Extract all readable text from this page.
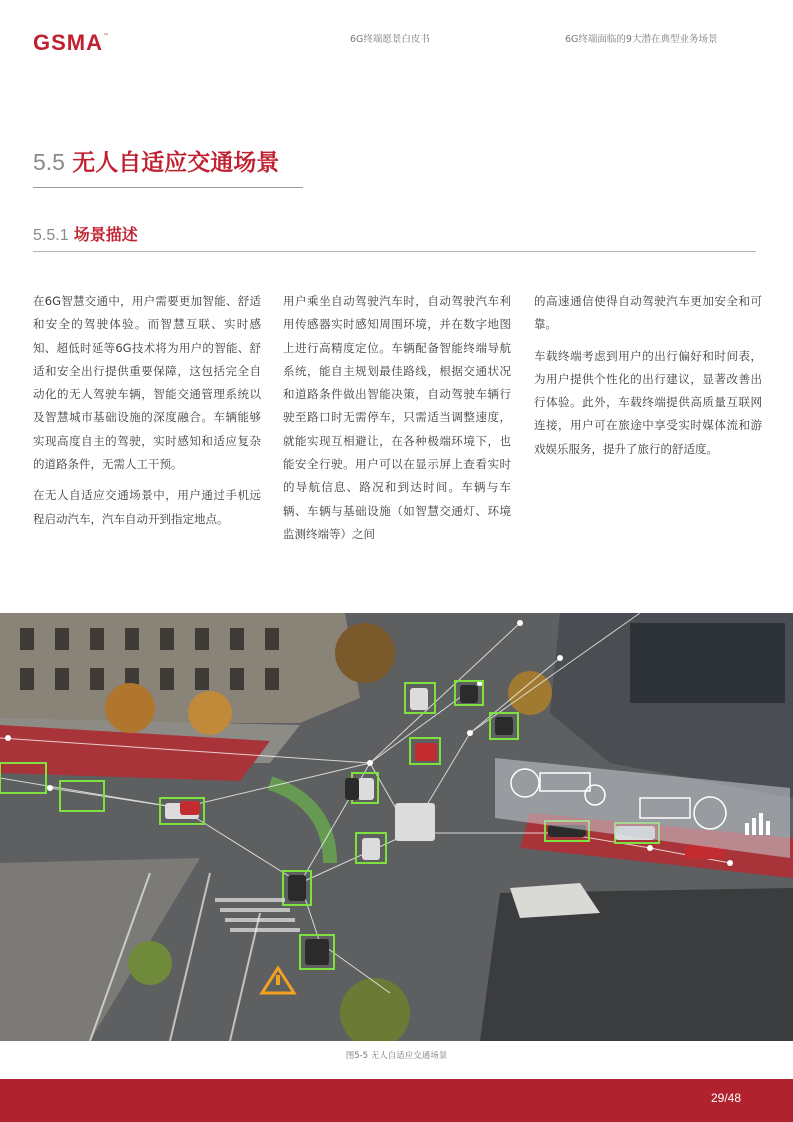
GSMA™	6G终端愿景白皮书	6G终端面临的9大潜在典型业务场景
5.5 无人自适应交通场景
5.5.1 场景描述

在6G智慧交通中，用户需要更加智能、舒适和安全的驾驶体验。而智慧互联、实时感知、超低时延等6G技术将为用户的智能、舒适和安全出行提供重要保障，这包括完全自动化的无人驾驶车辆，智能交通管理系统以及智慧城市基础设施的深度融合。车辆能够实现高度自主的驾驶，实时感知和适应复杂的道路条件，无需人工干预。

在无人自适应交通场景中，用户通过手机远程启动汽车，汽车自动开到指定地点。

用户乘坐自动驾驶汽车时，自动驾驶汽车利用传感器实时感知周围环境，并在数字地图上进行高精度定位。车辆配备智能终端导航系统，能自主规划最佳路线，根据交通状况和道路条件做出智能决策，自动驾驶车辆行驶至路口时无需停车，只需适当调整速度，就能实现互相避让，在各种极端环境下，也能安全行驶。用户可以在显示屏上查看实时的导航信息、路况和到达时间。车辆与车辆、车辆与基础设施（如智慧交通灯、环境监测终端等）之间

的高速通信使得自动驾驶汽车更加安全和可靠。

车载终端考虑到用户的出行偏好和时间表，为用户提供个性化的出行建议，显著改善出行体验。此外，车载终端提供高质量互联网连接，用户可在旅途中享受实时媒体流和游戏娱乐服务，提升了旅行的舒适度。

图5-5 无人自适应交通场景
29/48
